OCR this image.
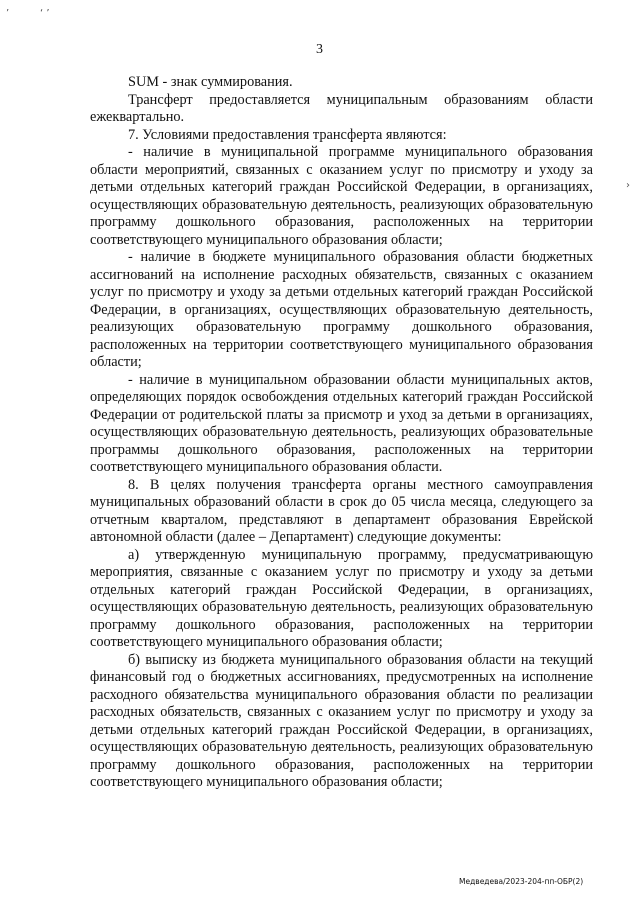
’	‘ ’
›
3

SUM - знак суммирования.

Трансферт предоставляется муниципальным образованиям области ежеквартально.

7. Условиями предоставления трансферта являются:

- наличие в муниципальной программе муниципального образования области мероприятий, связанных с оказанием услуг по присмотру и уходу за детьми отдельных категорий граждан Российской Федерации, в организациях, осуществляющих образовательную деятельность, реализующих образовательную программу дошкольного образования, расположенных на территории соответствующего муниципального образования области;

- наличие в бюджете муниципального образования области бюджетных ассигнований на исполнение расходных обязательств, связанных с оказанием услуг по присмотру и уходу за детьми отдельных категорий граждан Российской Федерации, в организациях, осуществляющих образовательную деятельность, реализующих образовательную программу дошкольного образования, расположенных на территории соответствующего муниципального образования области;

- наличие в муниципальном образовании области муниципальных актов, определяющих порядок освобождения отдельных категорий граждан Российской Федерации от родительской платы за присмотр и уход за детьми в организациях, осуществляющих образовательную деятельность, реализующих образовательные программы дошкольного образования, расположенных на территории соответствующего муниципального образования области.

8. В целях получения трансферта органы местного самоуправления муниципальных образований области в срок до 05 числа месяца, следующего за отчетным кварталом, представляют в департамент образования Еврейской автономной области (далее – Департамент) следующие документы:

а) утвержденную муниципальную программу, предусматривающую мероприятия, связанные с оказанием услуг по присмотру и уходу за детьми отдельных категорий граждан Российской Федерации, в организациях, осуществляющих образовательную деятельность, реализующих образовательную программу дошкольного образования, расположенных на территории соответствующего муниципального образования области;

б) выписку из бюджета муниципального образования области на текущий финансовый год о бюджетных ассигнованиях, предусмотренных на исполнение расходного обязательства муниципального образования области по реализации расходных обязательств, связанных с оказанием услуг по присмотру и уходу за детьми отдельных категорий граждан Российской Федерации, в организациях, осуществляющих образовательную деятельность, реализующих образовательную программу дошкольного образования, расположенных на территории соответствующего муниципального образования области;

Медведева/2023-204-пп-ОБР(2)
